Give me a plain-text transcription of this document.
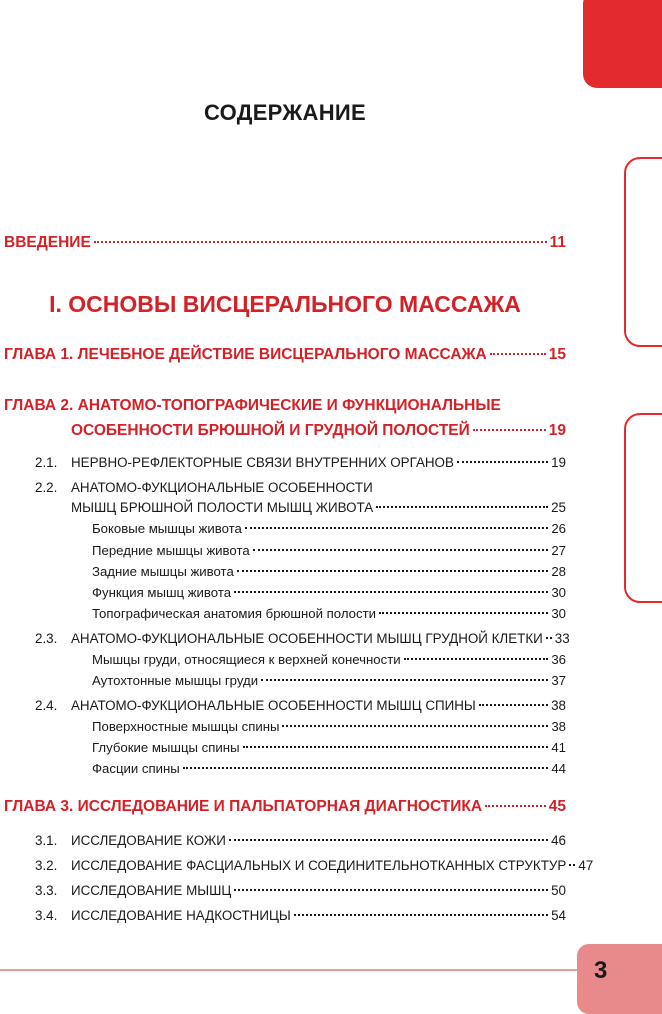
3
СОДЕРЖАНИЕ
ВВЕДЕНИЕ	11
I. ОСНОВЫ ВИСЦЕРАЛЬНОГО МАССАЖА
ГЛАВА 1. ЛЕЧЕБНОЕ ДЕЙСТВИЕ ВИСЦЕРАЛЬНОГО МАССАЖА	15
ГЛАВА 2. АНАТОМО-ТОПОГРАФИЧЕСКИЕ И ФУНКЦИОНАЛЬНЫЕ
ОСОБЕННОСТИ БРЮШНОЙ И ГРУДНОЙ ПОЛОСТЕЙ	19
2.1. НЕРВНО-РЕФЛЕКТОРНЫЕ СВЯЗИ ВНУТРЕННИХ ОРГАНОВ	19
2.2. АНАТОМО-ФУКЦИОНАЛЬНЫЕ ОСОБЕННОСТИ
МЫШЦ БРЮШНОЙ ПОЛОСТИ МЫШЦ ЖИВОТА	25
Боковые мышцы живота	26
Передние мышцы живота	27
Задние мышцы живота	28
Функция мышц живота	30
Топографическая анатомия брюшной полости	30
2.3. АНАТОМО-ФУКЦИОНАЛЬНЫЕ ОСОБЕННОСТИ МЫШЦ ГРУДНОЙ КЛЕТКИ 33
Мышцы груди, относящиеся к верхней конечности	36
Аутохтонные мышцы груди	37
2.4. АНАТОМО-ФУКЦИОНАЛЬНЫЕ ОСОБЕННОСТИ МЫШЦ СПИНЫ	38
Поверхностные мышцы спины	38
Глубокие мышцы спины	41
Фасции спины	44
ГЛАВА 3. ИССЛЕДОВАНИЕ И ПАЛЬПАТОРНАЯ ДИАГНОСТИКА	45
3.1. ИССЛЕДОВАНИЕ КОЖИ	46
3.2. ИССЛЕДОВАНИЕ ФАСЦИАЛЬНЫХ И СОЕДИНИТЕЛЬНОТКАННЫХ СТРУКТУР 47
3.3. ИССЛЕДОВАНИЕ МЫШЦ	50
3.4. ИССЛЕДОВАНИЕ НАДКОСТНИЦЫ	54
